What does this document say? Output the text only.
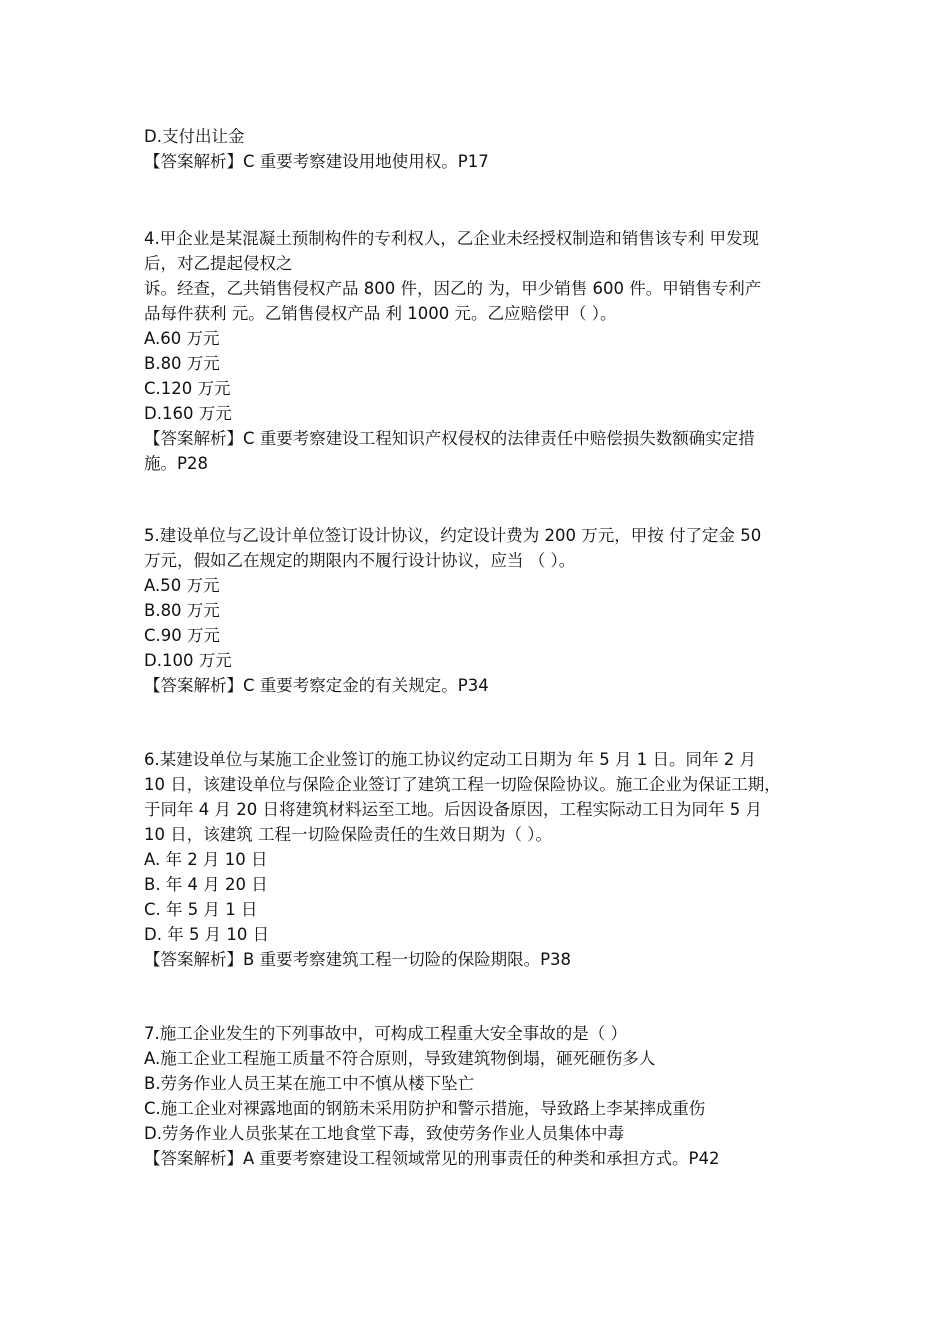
D.支付出让金
【答案解析】C 重要考察建设用地使用权。P17
4.甲企业是某混凝土预制构件的专利权人，乙企业未经授权制造和销售该专利 甲发现
后，对乙提起侵权之
诉。经查，乙共销售侵权产品 800 件，因乙的 为，甲少销售 600 件。甲销售专利产
品每件获利 元。乙销售侵权产品 利 1000 元。乙应赔偿甲（ ）。
A.60 万元
B.80 万元
C.120 万元
D.160 万元
【答案解析】C 重要考察建设工程知识产权侵权的法律责任中赔偿损失数额确实定措
施。P28
5.建设单位与乙设计单位签订设计协议，约定设计费为 200 万元，甲按 付了定金 50
万元，假如乙在规定的期限内不履行设计协议，应当 （ ）。
A.50 万元
B.80 万元
C.90 万元
D.100 万元
【答案解析】C 重要考察定金的有关规定。P34
6.某建设单位与某施工企业签订的施工协议约定动工日期为 年 5 月 1 日。同年 2 月
10 日，该建设单位与保险企业签订了建筑工程一切险保险协议。施工企业为保证工期，
于同年 4 月 20 日将建筑材料运至工地。后因设备原因，工程实际动工日为同年 5 月
10 日，该建筑 工程一切险保险责任的生效日期为（ ）。
A. 年 2 月 10 日
B. 年 4 月 20 日
C. 年 5 月 1 日
D. 年 5 月 10 日
【答案解析】B 重要考察建筑工程一切险的保险期限。P38
7.施工企业发生的下列事故中，可构成工程重大安全事故的是（ ）
A.施工企业工程施工质量不符合原则，导致建筑物倒塌，砸死砸伤多人
B.劳务作业人员王某在施工中不慎从楼下坠亡
C.施工企业对裸露地面的钢筋未采用防护和警示措施，导致路上李某摔成重伤
D.劳务作业人员张某在工地食堂下毒，致使劳务作业人员集体中毒
【答案解析】A 重要考察建设工程领域常见的刑事责任的种类和承担方式。P42
